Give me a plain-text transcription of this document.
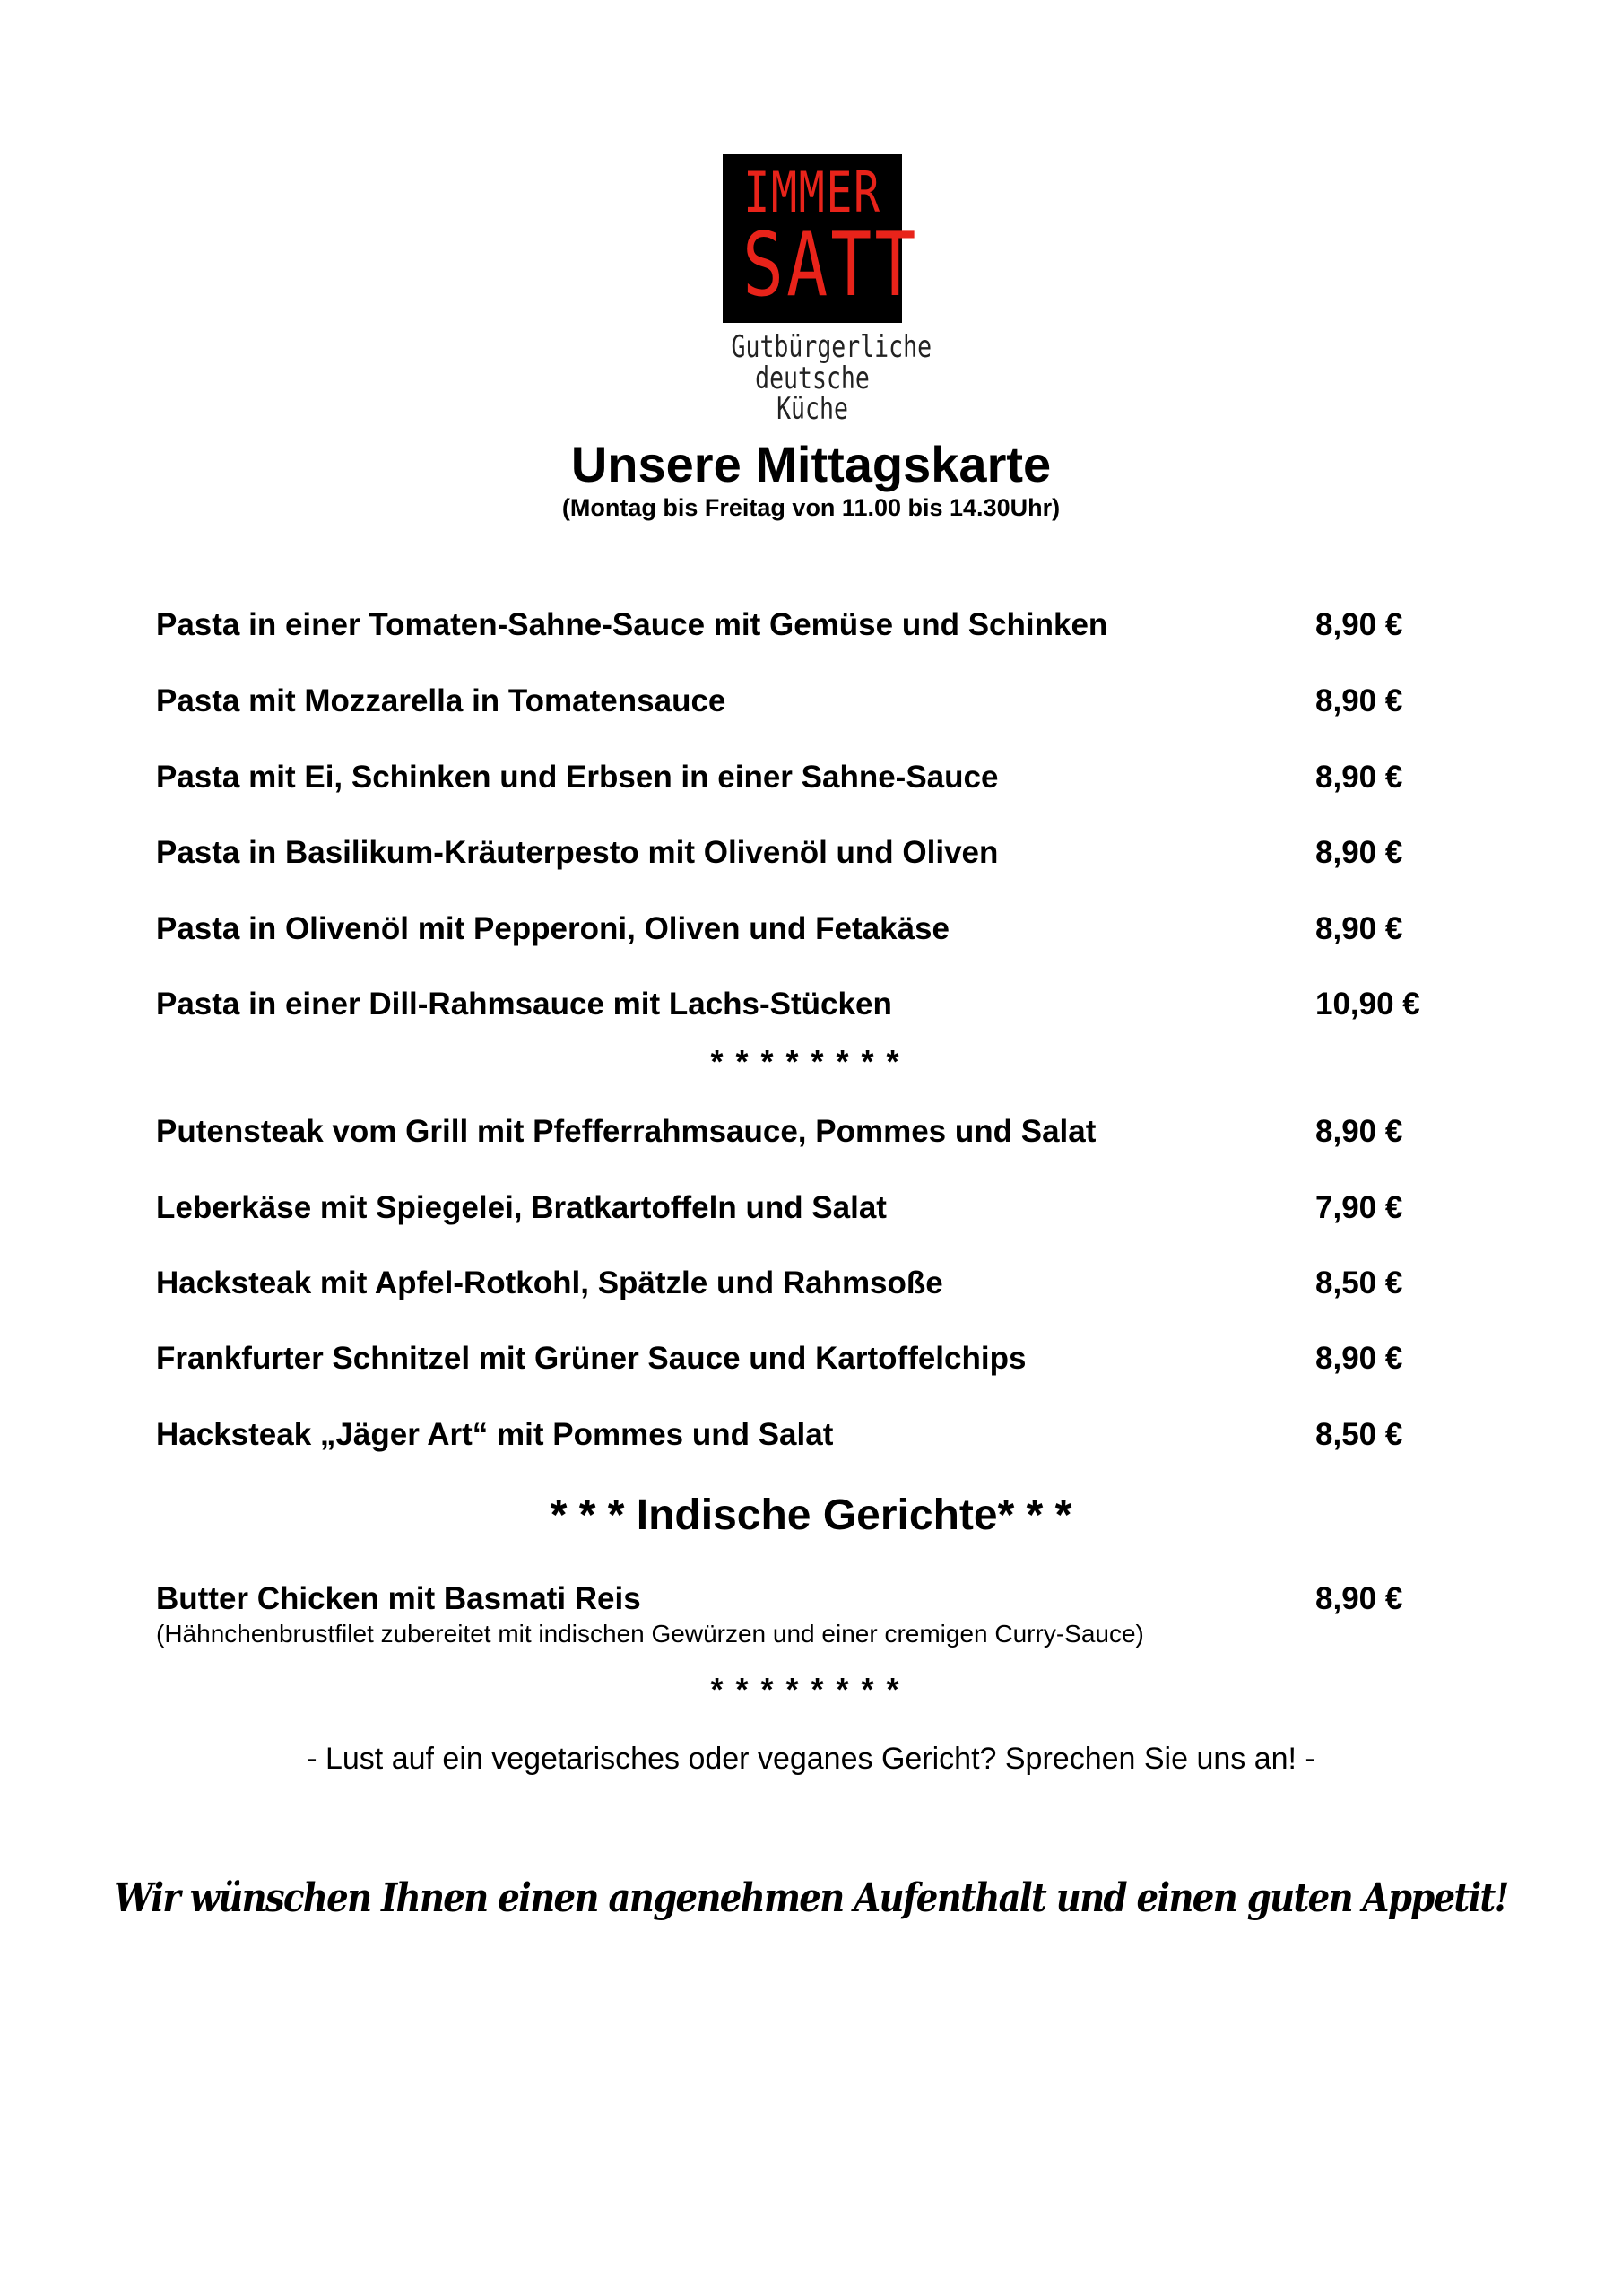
IMMER
SATT
Gutbürgerliche
deutsche Küche
Unsere Mittagskarte
(Montag bis Freitag von 11.00 bis 14.30Uhr)
Pasta in einer Tomaten-Sahne-Sauce mit Gemüse und Schinken	8,90 €
Pasta mit Mozzarella in Tomatensauce	8,90 €
Pasta mit Ei, Schinken und Erbsen in einer Sahne-Sauce	8,90 €
Pasta in Basilikum-Kräuterpesto mit Olivenöl und Oliven	8,90 €
Pasta in Olivenöl mit Pepperoni, Oliven und Fetakäse	8,90 €
Pasta in einer Dill-Rahmsauce mit Lachs-Stücken	10,90 €
********
Putensteak vom Grill mit Pfefferrahmsauce, Pommes und Salat	8,90 €
Leberkäse mit Spiegelei, Bratkartoffeln und Salat	7,90 €
Hacksteak mit Apfel-Rotkohl, Spätzle und Rahmsoße	8,50 €
Frankfurter Schnitzel mit Grüner Sauce und Kartoffelchips	8,90 €
Hacksteak „Jäger Art“ mit Pommes und Salat	8,50 €
* * * Indische Gerichte* * *
Butter Chicken mit Basmati Reis	8,90 €
(Hähnchenbrustfilet zubereitet mit indischen Gewürzen und einer cremigen Curry-Sauce)
********
- Lust auf ein vegetarisches oder veganes Gericht? Sprechen Sie uns an! -
Wir wünschen Ihnen einen angenehmen Aufenthalt und einen guten Appetit!
